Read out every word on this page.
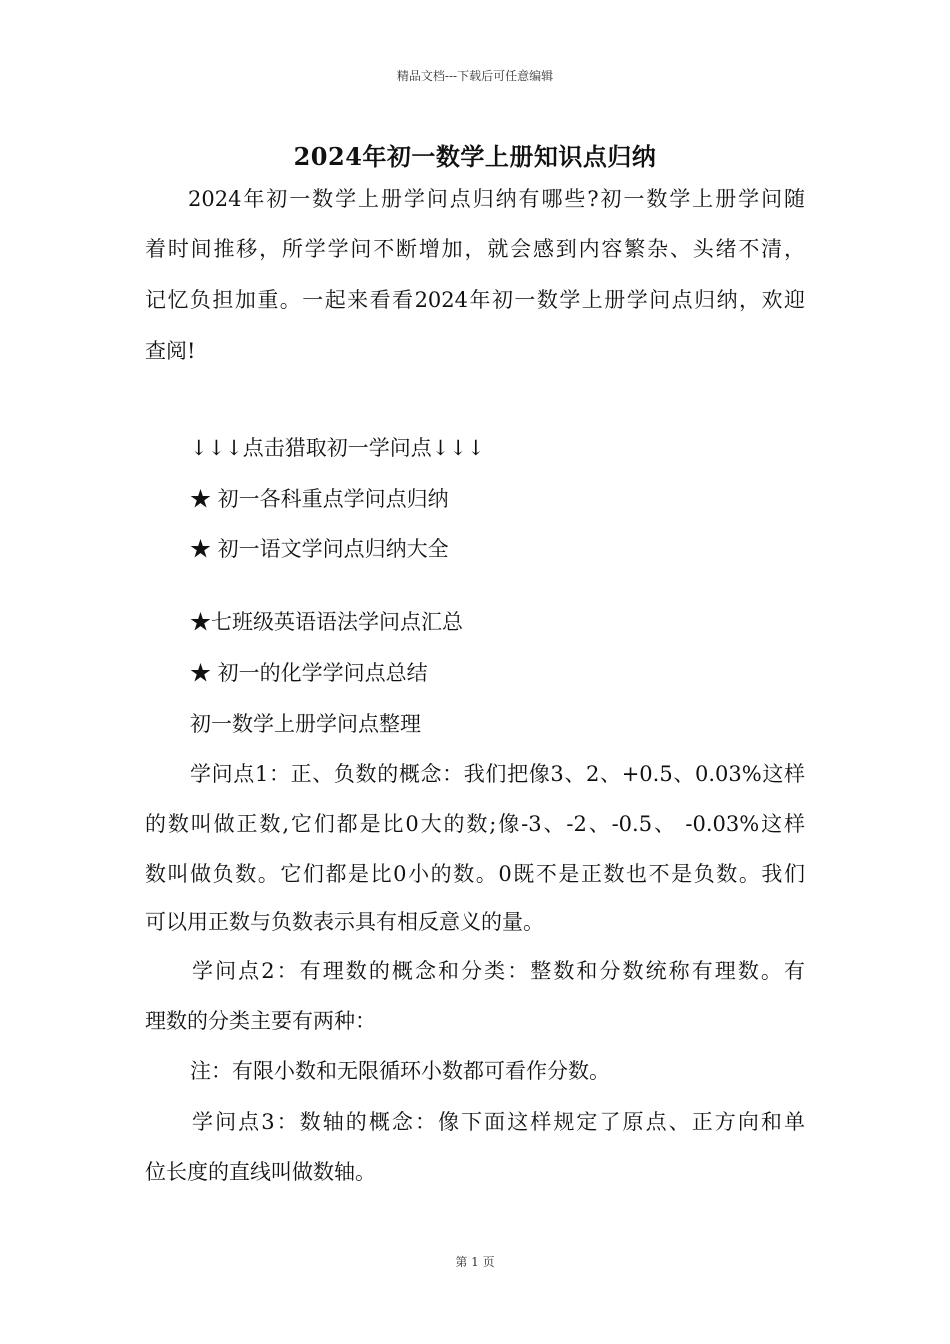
精品文档---下载后可任意编辑
2024年初一数学上册知识点归纳
2024年初一数学上册学问点归纳有哪些?初一数学上册学问随
着时间推移，所学学问不断增加，就会感到内容繁杂、头绪不清，
记忆负担加重。一起来看看2024年初一数学上册学问点归纳，欢迎
查阅!
↓↓↓点击猎取初一学问点↓↓↓
★ 初一各科重点学问点归纳
★ 初一语文学问点归纳大全
★七班级英语语法学问点汇总
★ 初一的化学学问点总结
初一数学上册学问点整理
学问点1：正、负数的概念：我们把像3、2、+0.5、0.03%这样
的数叫做正数,它们都是比0大的数;像-3、-2、-0.5、 -0.03%这样
数叫做负数。它们都是比0小的数。0既不是正数也不是负数。我们
可以用正数与负数表示具有相反意义的量。
学问点2：有理数的概念和分类：整数和分数统称有理数。有
理数的分类主要有两种：
注：有限小数和无限循环小数都可看作分数。
学问点3：数轴的概念：像下面这样规定了原点、正方向和单
位长度的直线叫做数轴。
第 1 页
